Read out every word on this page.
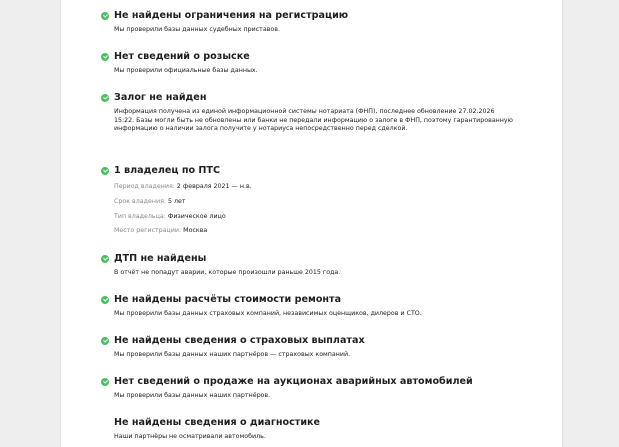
Не найдены ограничения на регистрацию
Мы проверили базы данных судебных приставов.
Нет сведений о розыске
Мы проверили официальные базы данных.
Залог не найден
Информация получена из единой информационной системы нотариата (ФНП), последнее обновление 27.02.2026 15:22. Базы могли быть не обновлены или банки не передали информацию о залоге в ФНП, поэтому гарантированную информацию о наличии залога получите у нотариуса непосредственно перед сделкой.
1 владелец по ПТС
Период владения: 2 февраля 2021 — н.в.
Срок владения: 5 лет
Тип владельца: Физическое лицо
Место регистрации: Москва
ДТП не найдены
В отчёт не попадут аварии, которые произошли раньше 2015 года.
Не найдены расчёты стоимости ремонта
Мы проверили базы данных страховых компаний, независимых оценщиков, дилеров и СТО.
Не найдены сведения о страховых выплатах
Мы проверили базы данных наших партнёров — страховых компаний.
Нет сведений о продаже на аукционах аварийных автомобилей
Мы проверили базы данных наших партнёров.
Не найдены сведения о диагностике
Наши партнёры не осматривали автомобиль.
